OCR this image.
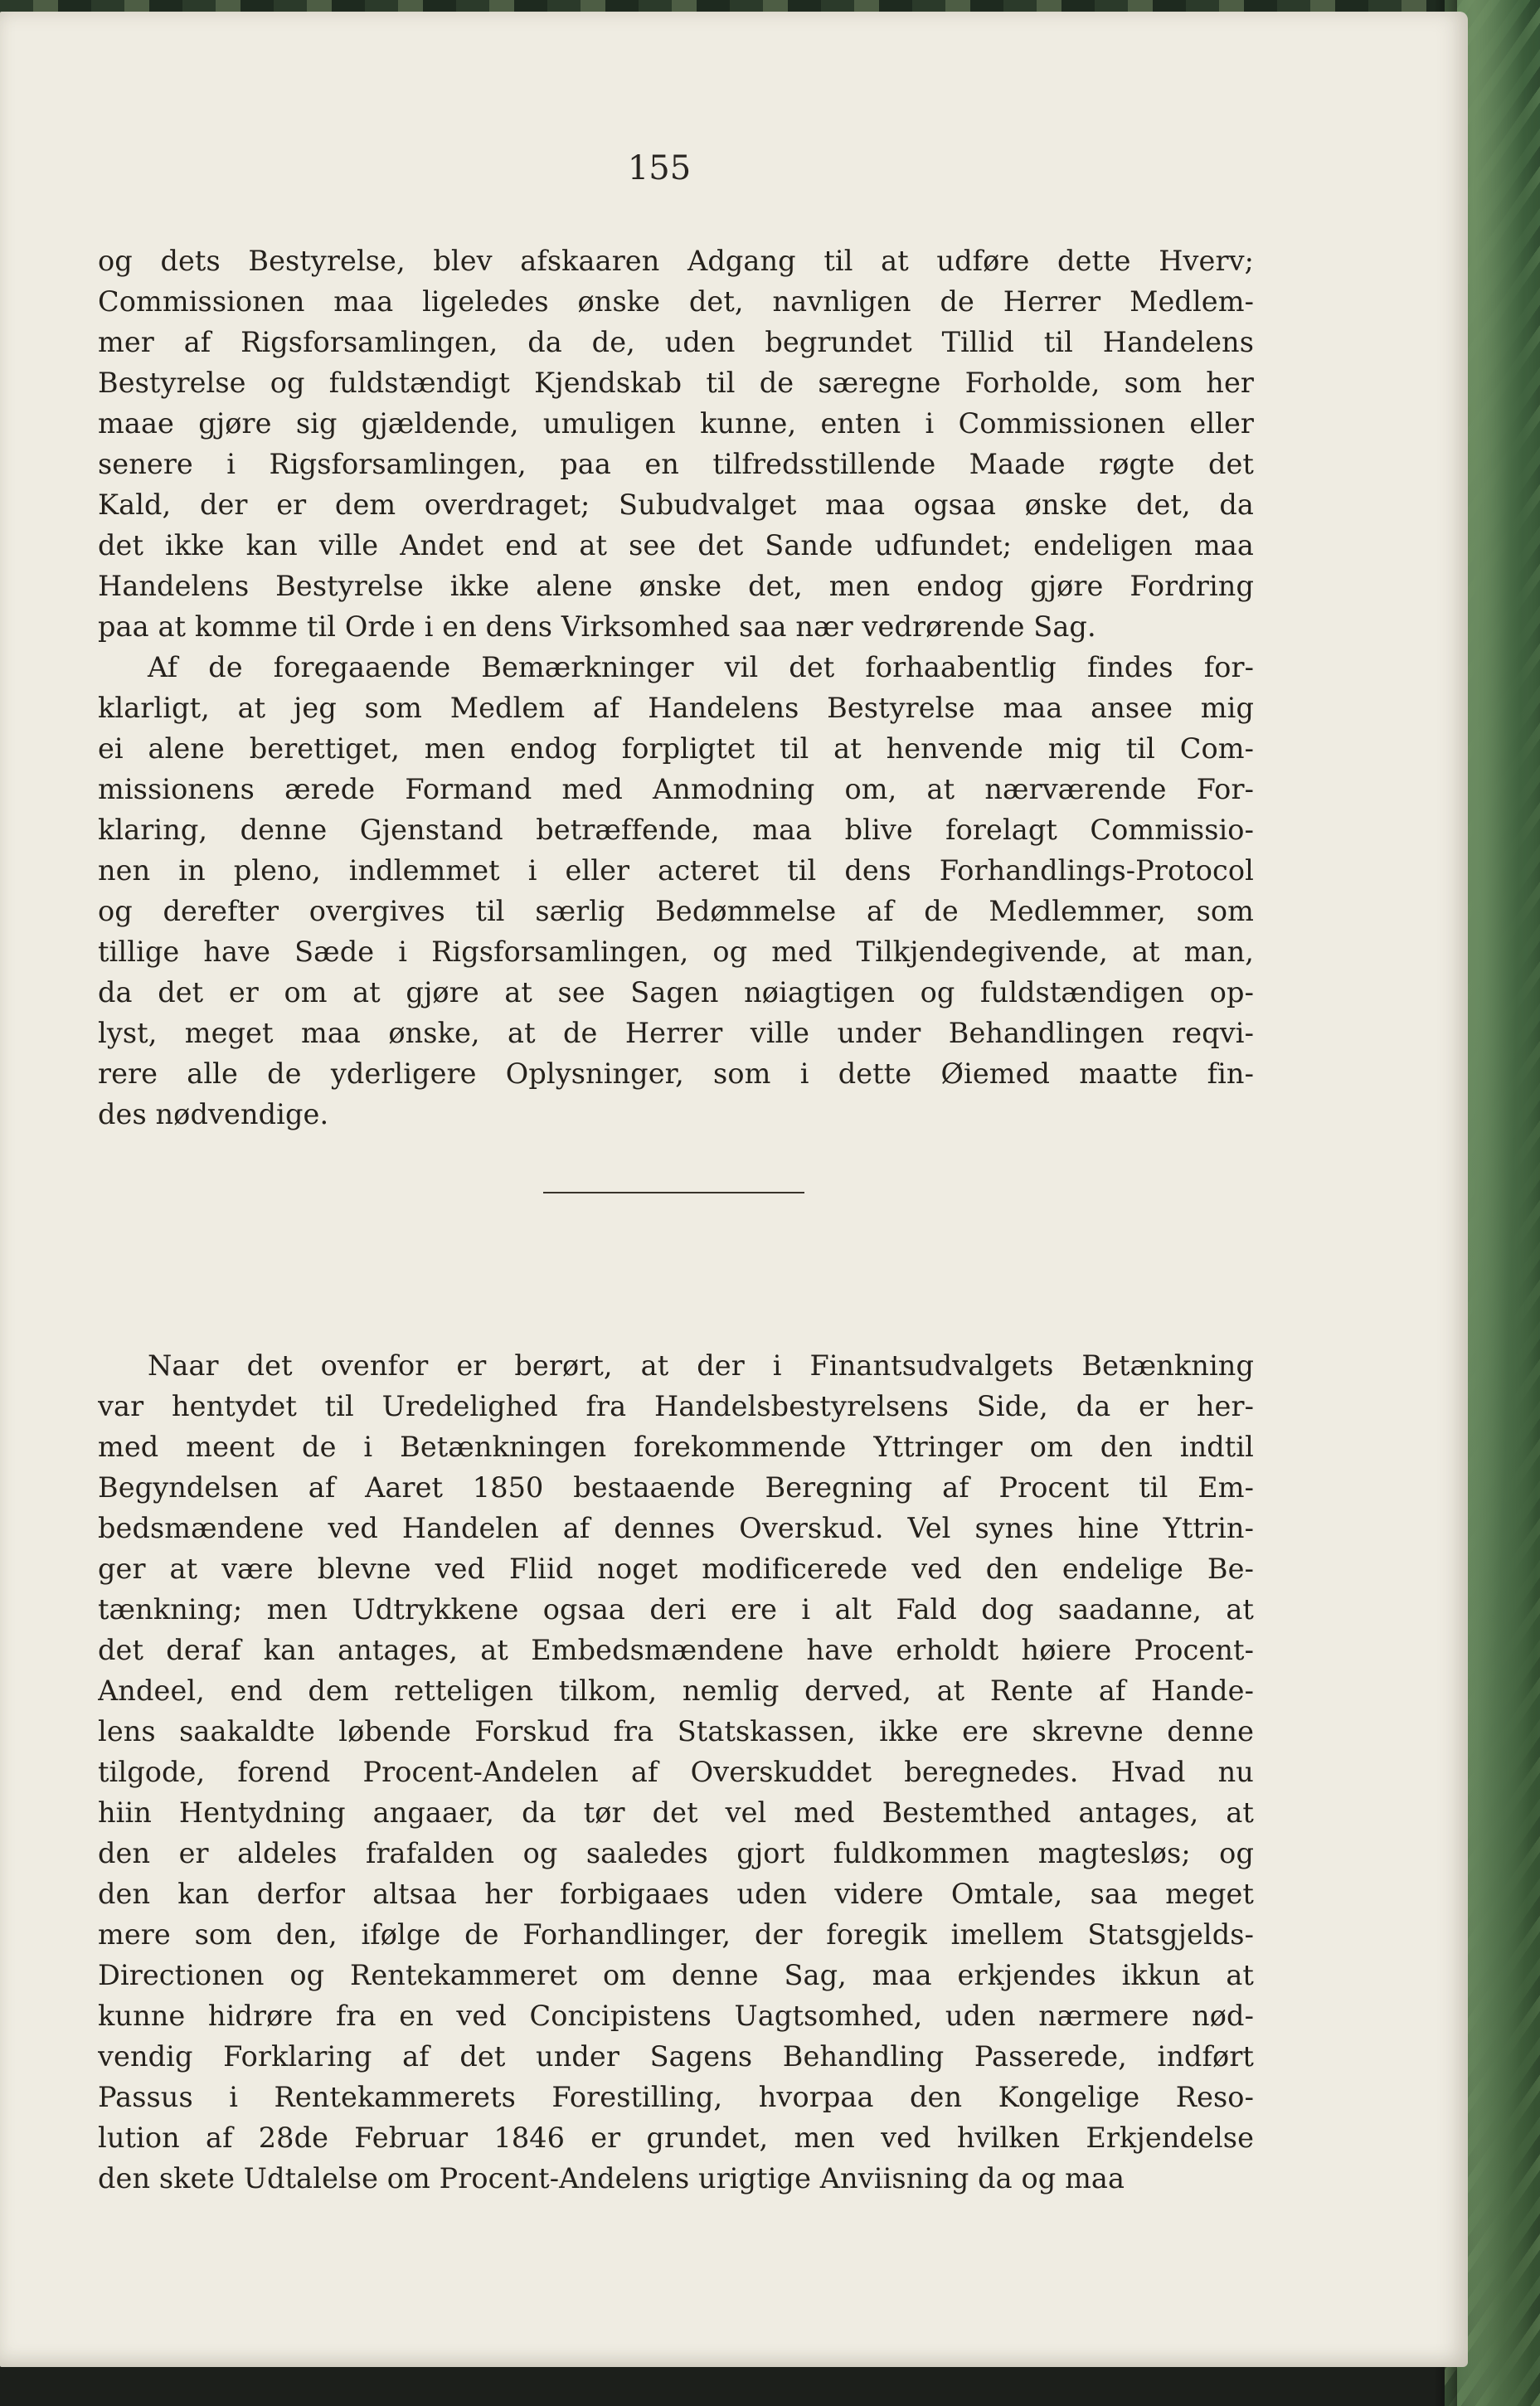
155
og dets Bestyrelse, blev afskaaren Adgang til at udføre dette Hverv;
Commissionen maa ligeledes ønske det, navnligen de Herrer Medlem-
mer af Rigsforsamlingen, da de, uden begrundet Tillid til Handelens
Bestyrelse og fuldstændigt Kjendskab til de særegne Forholde, som her
maae gjøre sig gjældende, umuligen kunne, enten i Commissionen eller
senere i Rigsforsamlingen, paa en tilfredsstillende Maade røgte det
Kald, der er dem overdraget; Subudvalget maa ogsaa ønske det, da
det ikke kan ville Andet end at see det Sande udfundet; endeligen maa
Handelens Bestyrelse ikke alene ønske det, men endog gjøre Fordring
paa at komme til Orde i en dens Virksomhed saa nær vedrørende Sag.
Af de foregaaende Bemærkninger vil det forhaabentlig findes for-
klarligt, at jeg som Medlem af Handelens Bestyrelse maa ansee mig
ei alene berettiget, men endog forpligtet til at henvende mig til Com-
missionens ærede Formand med Anmodning om, at nærværende For-
klaring, denne Gjenstand betræffende, maa blive forelagt Commissio-
nen in pleno, indlemmet i eller acteret til dens Forhandlings-Protocol
og derefter overgives til særlig Bedømmelse af de Medlemmer, som
tillige have Sæde i Rigsforsamlingen, og med Tilkjendegivende, at man,
da det er om at gjøre at see Sagen nøiagtigen og fuldstændigen op-
lyst, meget maa ønske, at de Herrer ville under Behandlingen reqvi-
rere alle de yderligere Oplysninger, som i dette Øiemed maatte fin-
des nødvendige.
Naar det ovenfor er berørt, at der i Finantsudvalgets Betænkning
var hentydet til Uredelighed fra Handelsbestyrelsens Side, da er her-
med meent de i Betænkningen forekommende Yttringer om den indtil
Begyndelsen af Aaret 1850 bestaaende Beregning af Procent til Em-
bedsmændene ved Handelen af dennes Overskud. Vel synes hine Yttrin-
ger at være blevne ved Fliid noget modificerede ved den endelige Be-
tænkning; men Udtrykkene ogsaa deri ere i alt Fald dog saadanne, at
det deraf kan antages, at Embedsmændene have erholdt høiere Procent-
Andeel, end dem retteligen tilkom, nemlig derved, at Rente af Hande-
lens saakaldte løbende Forskud fra Statskassen, ikke ere skrevne denne
tilgode, forend Procent-Andelen af Overskuddet beregnedes. Hvad nu
hiin Hentydning angaaer, da tør det vel med Bestemthed antages, at
den er aldeles frafalden og saaledes gjort fuldkommen magtesløs; og
den kan derfor altsaa her forbigaaes uden videre Omtale, saa meget
mere som den, ifølge de Forhandlinger, der foregik imellem Statsgjelds-
Directionen og Rentekammeret om denne Sag, maa erkjendes ikkun at
kunne hidrøre fra en ved Concipistens Uagtsomhed, uden nærmere nød-
vendig Forklaring af det under Sagens Behandling Passerede, indført
Passus i Rentekammerets Forestilling, hvorpaa den Kongelige Reso-
lution af 28de Februar 1846 er grundet, men ved hvilken Erkjendelse
den skete Udtalelse om Procent-Andelens urigtige Anviisning da og maa
